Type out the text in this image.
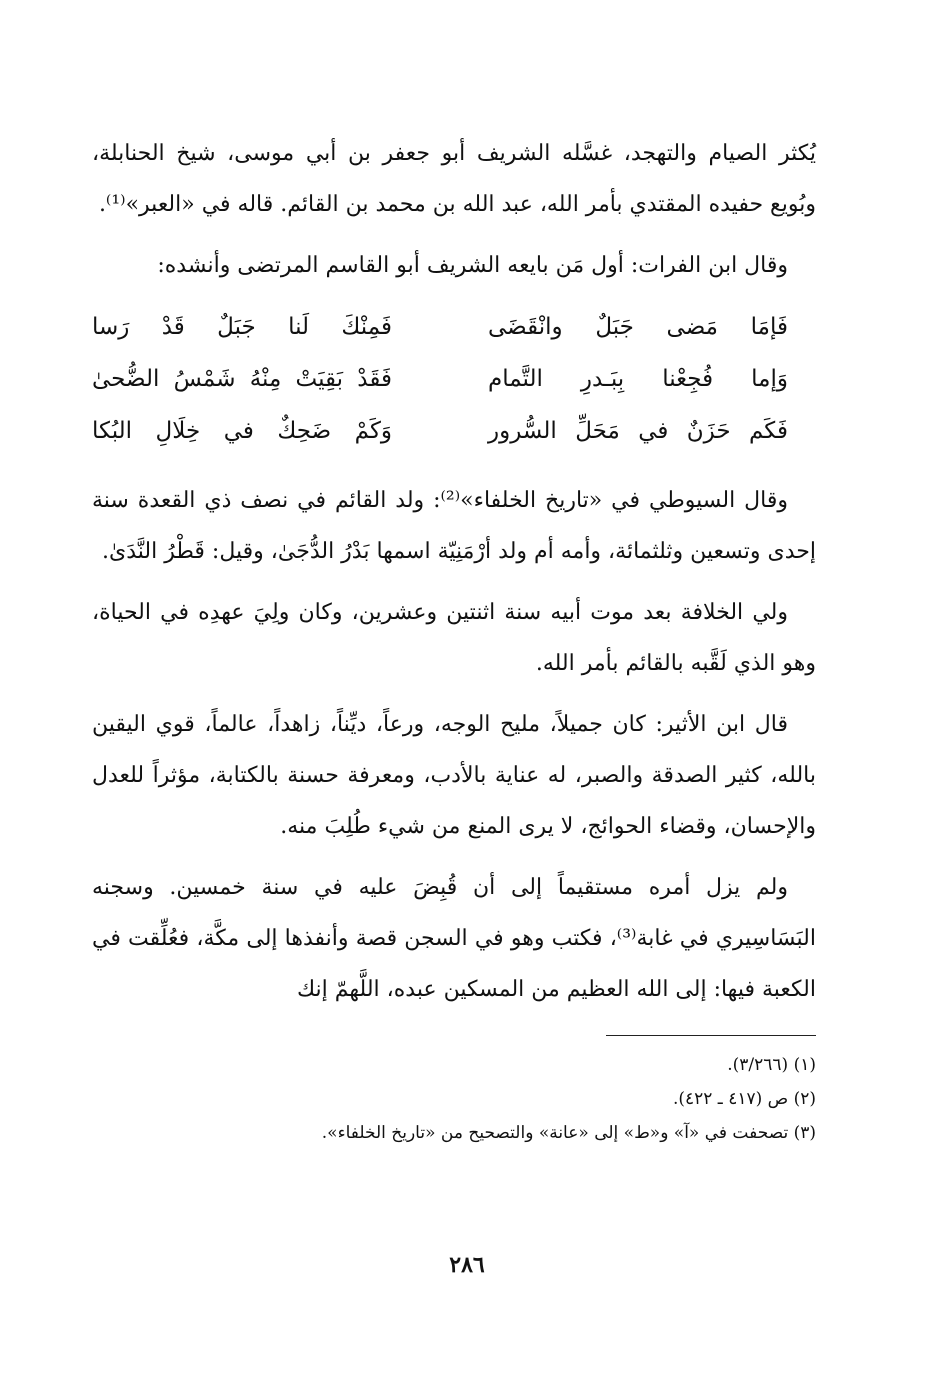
يُكثر الصيام والتهجد، غسَّله الشريف أبو جعفر بن أبي موسى، شيخ الحنابلة، وبُويع حفيده المقتدي بأمر الله، عبد الله بن محمد بن القائم. قاله في «العبر»⁽¹⁾.

وقال ابن الفرات: أول مَن بايعه الشريف أبو القاسم المرتضى وأنشده:

فَإمَا مَضى جَبَلٌ وانْقَضَى
فَمِنْكَ لَنا جَبَلٌ قَدْ رَسا
وَإما فُجِعْنا بِبَـدرِ التَّمام
فَقَدْ بَقِيَتْ مِنْهُ شَمْسُ الضُّحىٰ
فَكَم حَزَنٌ في مَحَلِّ السُّرور
وَكَمْ ضَحِكٌ في خِلَالِ البُكا

وقال السيوطي في «تاريخ الخلفاء»⁽²⁾: ولد القائم في نصف ذي القعدة سنة إحدى وتسعين وثلثمائة، وأمه أم ولد أرْمَنِيّة اسمها بَدْرُ الدُّجَىٰ، وقيل: قَطْرُ النَّدَىٰ.

ولي الخلافة بعد موت أبيه سنة اثنتين وعشرين، وكان ولِيَ عهدِه في الحياة، وهو الذي لَقَّبه بالقائم بأمر الله.

قال ابن الأثير: كان جميلاً، مليح الوجه، ورعاً، ديِّناً، زاهداً، عالماً، قوي اليقين بالله، كثير الصدقة والصبر، له عناية بالأدب، ومعرفة حسنة بالكتابة، مؤثراً للعدل والإحسان، وقضاء الحوائج، لا يرى المنع من شيء طُلِبَ منه.

ولم يزل أمره مستقيماً إلى أن قُبِضَ عليه في سنة خمسين. وسجنه البَسَاسِيري في غابة⁽³⁾، فكتب وهو في السجن قصة وأنفذها إلى مكَّة، فعُلِّقت في الكعبة فيها: إلى الله العظيم من المسكين عبده، اللَّهمّ إنك

(١) (٣/٢٦٦).

(٢) ص (٤١٧ ـ ٤٢٢).

(٣) تصحفت في «آ» و«ط» إلى «عانة» والتصحيح من «تاريخ الخلفاء».

٢٨٦
